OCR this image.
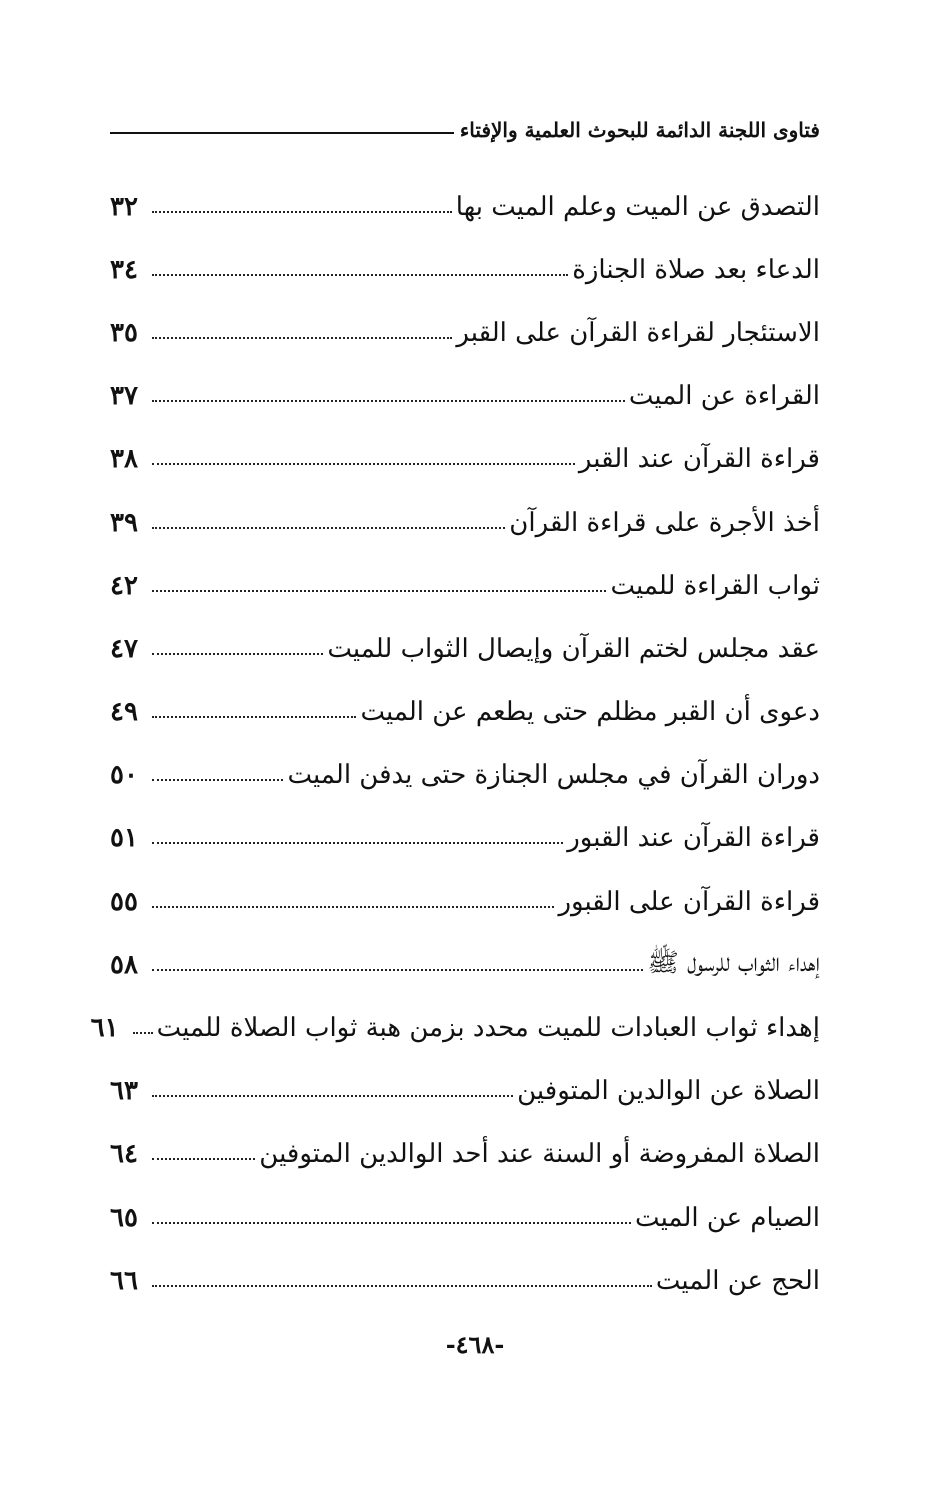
فتاوى اللجنة الدائمة للبحوث العلمية والإفتاء
التصدق عن الميت وعلم الميت بها
٣٢
الدعاء بعد صلاة الجنازة
٣٤
الاستئجار لقراءة القرآن على القبر
٣٥
القراءة عن الميت
٣٧
قراءة القرآن عند القبر
٣٨
أخذ الأجرة على قراءة القرآن
٣٩
ثواب القراءة للميت
٤٢
عقد مجلس لختم القرآن وإيصال الثواب للميت
٤٧
دعوى أن القبر مظلم حتى يطعم عن الميت
٤٩
دوران القرآن في مجلس الجنازة حتى يدفن الميت
٥٠
قراءة القرآن عند القبور
٥١
قراءة القرآن على القبور
٥٥
إهداء الثواب للرسول ﷺ
٥٨
إهداء ثواب العبادات للميت محدد بزمن هبة ثواب الصلاة للميت
٦١
الصلاة عن الوالدين المتوفين
٦٣
الصلاة المفروضة أو السنة عند أحد الوالدين المتوفين
٦٤
الصيام عن الميت
٦٥
الحج عن الميت
٦٦
-٤٦٨-
